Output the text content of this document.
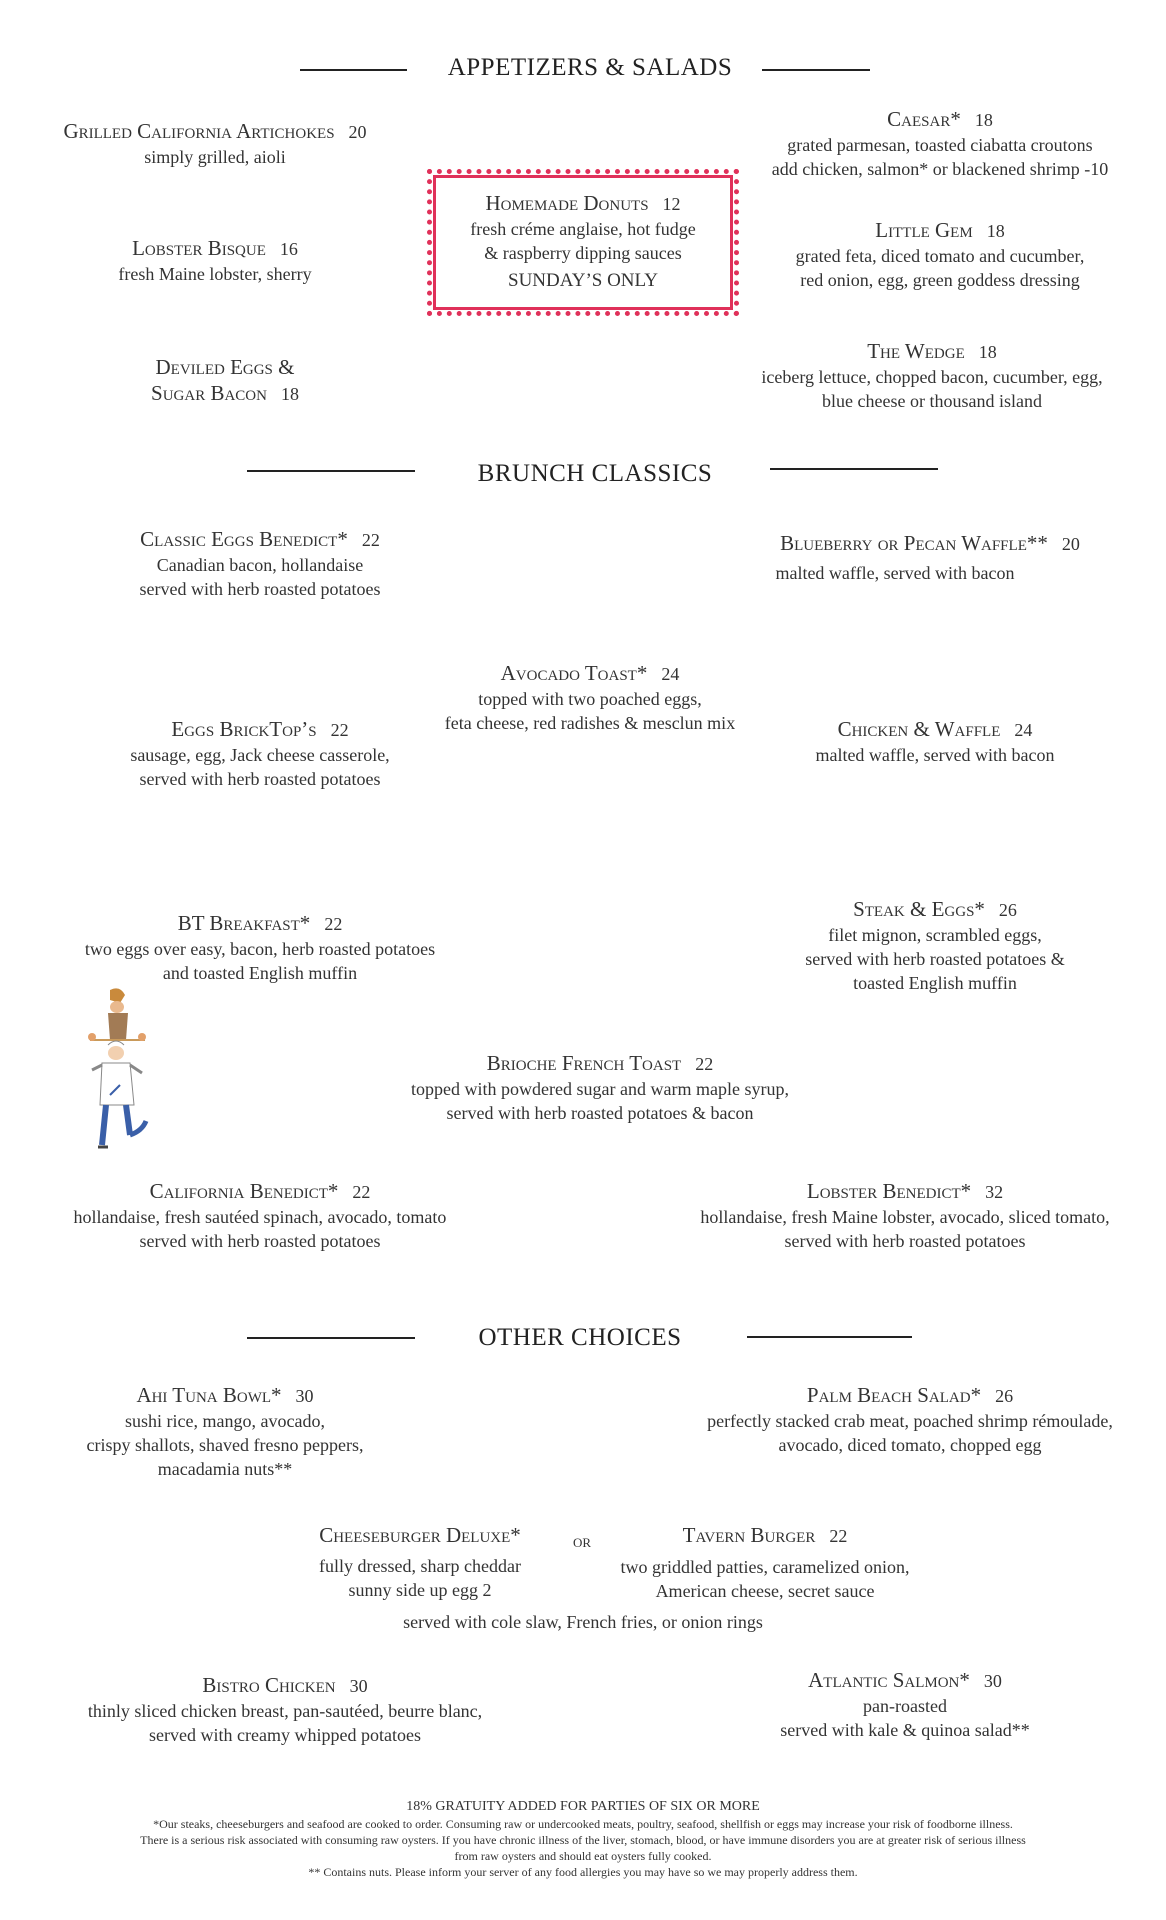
APPETIZERS & SALADS
Grilled California Artichokes 20
simply grilled, aioli
Lobster Bisque 16
fresh Maine lobster, sherry
Deviled Eggs &
Sugar Bacon 18
Homemade Donuts 12
fresh créme anglaise, hot fudge
& raspberry dipping sauces
SUNDAY’S ONLY
Caesar* 18
grated parmesan, toasted ciabatta croutons
add chicken, salmon* or blackened shrimp -10
Little Gem 18
grated feta, diced tomato and cucumber,
red onion, egg, green goddess dressing
The Wedge 18
iceberg lettuce, chopped bacon, cucumber, egg,
blue cheese or thousand island
BRUNCH CLASSICS
Classic Eggs Benedict* 22
Canadian bacon, hollandaise
served with herb roasted potatoes
Blueberry or Pecan Waffle** 20
malted waffle, served with bacon
Avocado Toast* 24
topped with two poached eggs,
feta cheese, red radishes & mesclun mix
Eggs BrickTop’s 22
sausage, egg, Jack cheese casserole,
served with herb roasted potatoes
Chicken & Waffle 24
malted waffle, served with bacon
BT Breakfast* 22
two eggs over easy, bacon, herb roasted potatoes
and toasted English muffin
Steak & Eggs* 26
filet mignon, scrambled eggs,
served with herb roasted potatoes &
toasted English muffin
Brioche French Toast 22
topped with powdered sugar and warm maple syrup,
served with herb roasted potatoes & bacon
California Benedict* 22
hollandaise, fresh sautéed spinach, avocado, tomato
served with herb roasted potatoes
Lobster Benedict* 32
hollandaise, fresh Maine lobster, avocado, sliced tomato,
served with herb roasted potatoes
OTHER CHOICES
Ahi Tuna Bowl* 30
sushi rice, mango, avocado,
crispy shallots, shaved fresno peppers,
macadamia nuts**
Palm Beach Salad* 26
perfectly stacked crab meat, poached shrimp rémoulade,
avocado, diced tomato, chopped egg
Cheeseburger Deluxe*
fully dressed, sharp cheddar
sunny side up egg 2
or	Tavern Burger 22
two griddled patties, caramelized onion,
American cheese, secret sauce
served with cole slaw, French fries, or onion rings
Bistro Chicken 30
thinly sliced chicken breast, pan-sautéed, beurre blanc,
served with creamy whipped potatoes
Atlantic Salmon* 30
pan-roasted
served with kale & quinoa salad**
18% GRATUITY ADDED FOR PARTIES OF SIX OR MORE
*Our steaks, cheeseburgers and seafood are cooked to order. Consuming raw or undercooked meats, poultry, seafood, shellfish or eggs may increase your risk of foodborne illness.
There is a serious risk associated with consuming raw oysters. If you have chronic illness of the liver, stomach, blood, or have immune disorders you are at greater risk of serious illness
from raw oysters and should eat oysters fully cooked.
** Contains nuts. Please inform your server of any food allergies you may have so we may properly address them.
